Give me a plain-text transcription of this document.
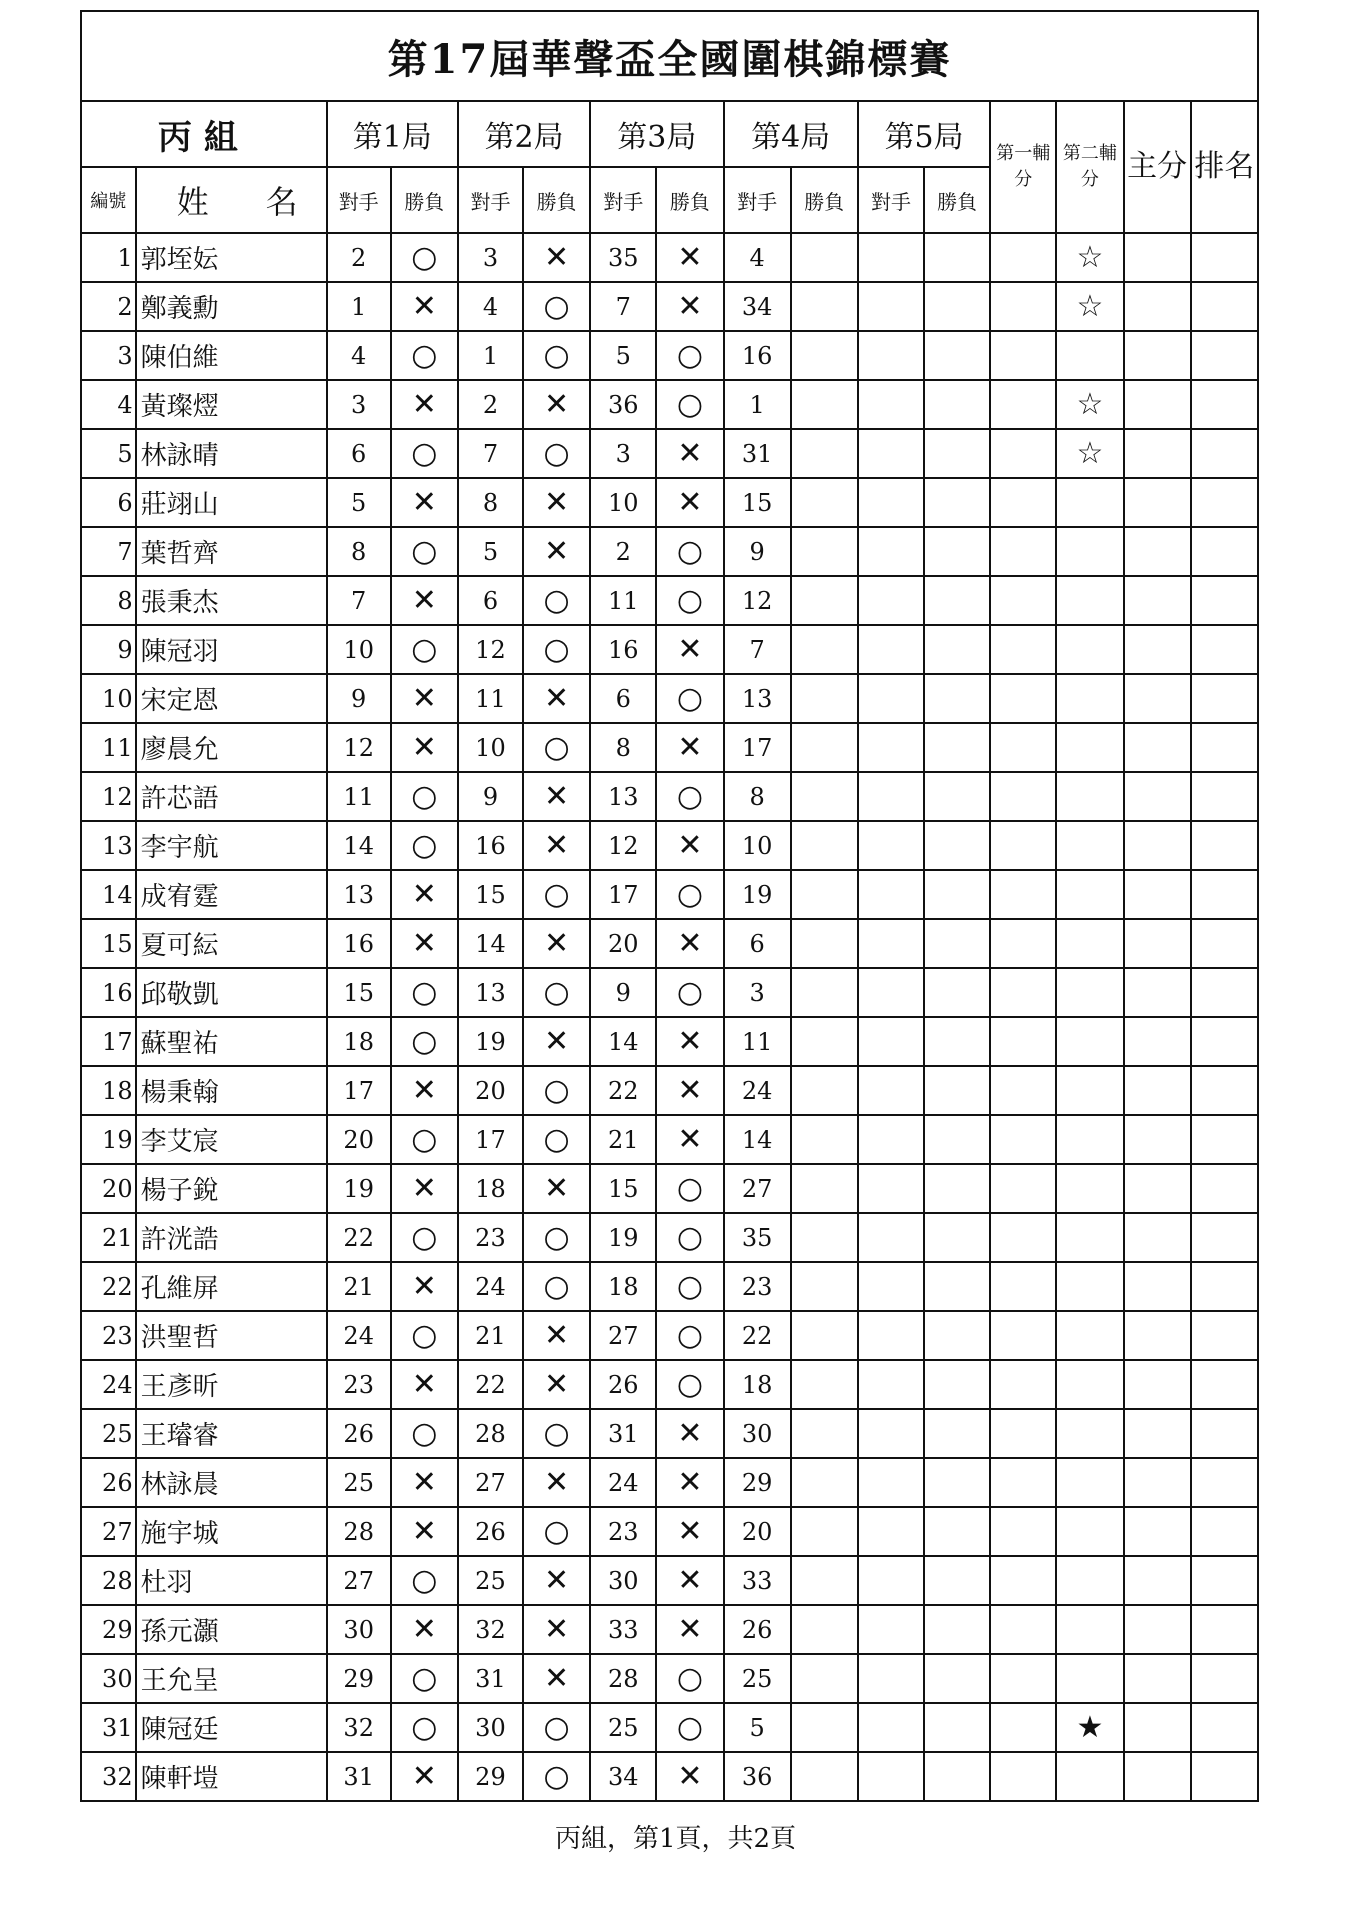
第17屆華聲盃全國圍棋錦標賽
丙組		第1局		第2局		第3局		第4局		第5局		第一輔分	第二輔分	主分	排名
編號	姓 名	對手	勝負	對手	勝負	對手	勝負	對手	勝負	對手	勝負				
1	郭垤妘	2	○	3	✕	35	✕	4					☆		
2	鄭義勳	1	✕	4	○	7	✕	34					☆		
3	陳伯維	4	○	1	○	5	○	16							
4	黃璨熤	3	✕	2	✕	36	○	1					☆		
5	林詠晴	6	○	7	○	3	✕	31					☆		
6	莊翊山	5	✕	8	✕	10	✕	15							
7	葉哲齊	8	○	5	✕	2	○	9							
8	張秉杰	7	✕	6	○	11	○	12							
9	陳冠羽	10	○	12	○	16	✕	7							
10	宋定恩	9	✕	11	✕	6	○	13							
11	廖晨允	12	✕	10	○	8	✕	17							
12	許芯語	11	○	9	✕	13	○	8							
13	李宇航	14	○	16	✕	12	✕	10							
14	成宥霆	13	✕	15	○	17	○	19							
15	夏可紜	16	✕	14	✕	20	✕	6							
16	邱敬凱	15	○	13	○	9	○	3							
17	蘇聖祐	18	○	19	✕	14	✕	11							
18	楊秉翰	17	✕	20	○	22	✕	24							
19	李艾宸	20	○	17	○	21	✕	14							
20	楊子銳	19	✕	18	✕	15	○	27							
21	許洸誥	22	○	23	○	19	○	35							
22	孔維屏	21	✕	24	○	18	○	23							
23	洪聖哲	24	○	21	✕	27	○	22							
24	王彥昕	23	✕	22	✕	26	○	18							
25	王璿睿	26	○	28	○	31	✕	30							
26	林詠晨	25	✕	27	✕	24	✕	29							
27	施宇城	28	✕	26	○	23	✕	20							
28	杜羽	27	○	25	✕	30	✕	33							
29	孫元灝	30	✕	32	✕	33	✕	26							
30	王允呈	29	○	31	✕	28	○	25							
31	陳冠廷	32	○	30	○	25	○	5					★		
32	陳軒塏	31	✕	29	○	34	✕	36							
丙組，第1頁，共2頁
